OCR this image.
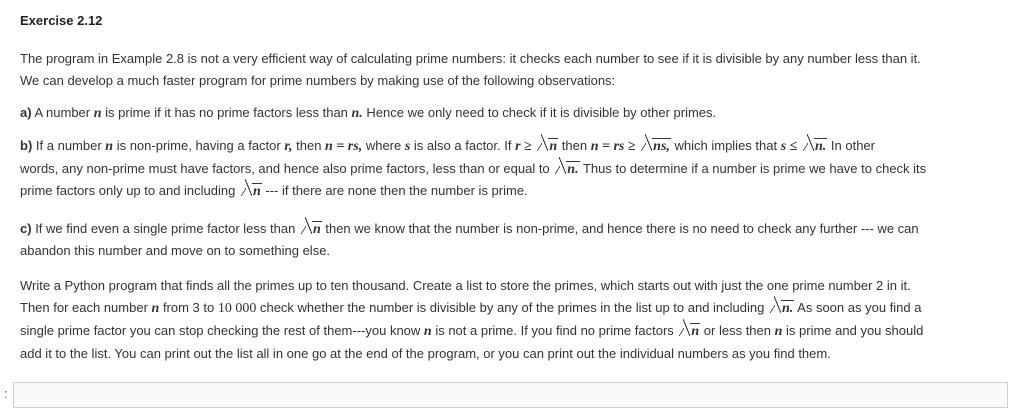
Exercise 2.12
The program in Example 2.8 is not a very efficient way of calculating prime numbers: it checks each number to see if it is divisible by any number less than it.
We can develop a much faster program for prime numbers by making use of the following observations:
a) A number n is prime if it has no prime factors less than n. Hence we only need to check if it is divisible by other primes.
b) If a number n is non-prime, having a factor r, then n = rs, where s is also a factor. If r ≥ n then n = rs ≥ ns, which implies that s ≤ n. In other
words, any non-prime must have factors, and hence also prime factors, less than or equal to n. Thus to determine if a number is prime we have to check its
prime factors only up to and including n --- if there are none then the number is prime.
c) If we find even a single prime factor less than n then we know that the number is non-prime, and hence there is no need to check any further --- we can
abandon this number and move on to something else.
Write a Python program that finds all the primes up to ten thousand. Create a list to store the primes, which starts out with just the one prime number 2 in it.
Then for each number n from 3 to 10 000 check whether the number is divisible by any of the primes in the list up to and including n. As soon as you find a
single prime factor you can stop checking the rest of them---you know n is not a prime. If you find no prime factors n or less then n is prime and you should
add it to the list. You can print out the list all in one go at the end of the program, or you can print out the individual numbers as you find them.
:
